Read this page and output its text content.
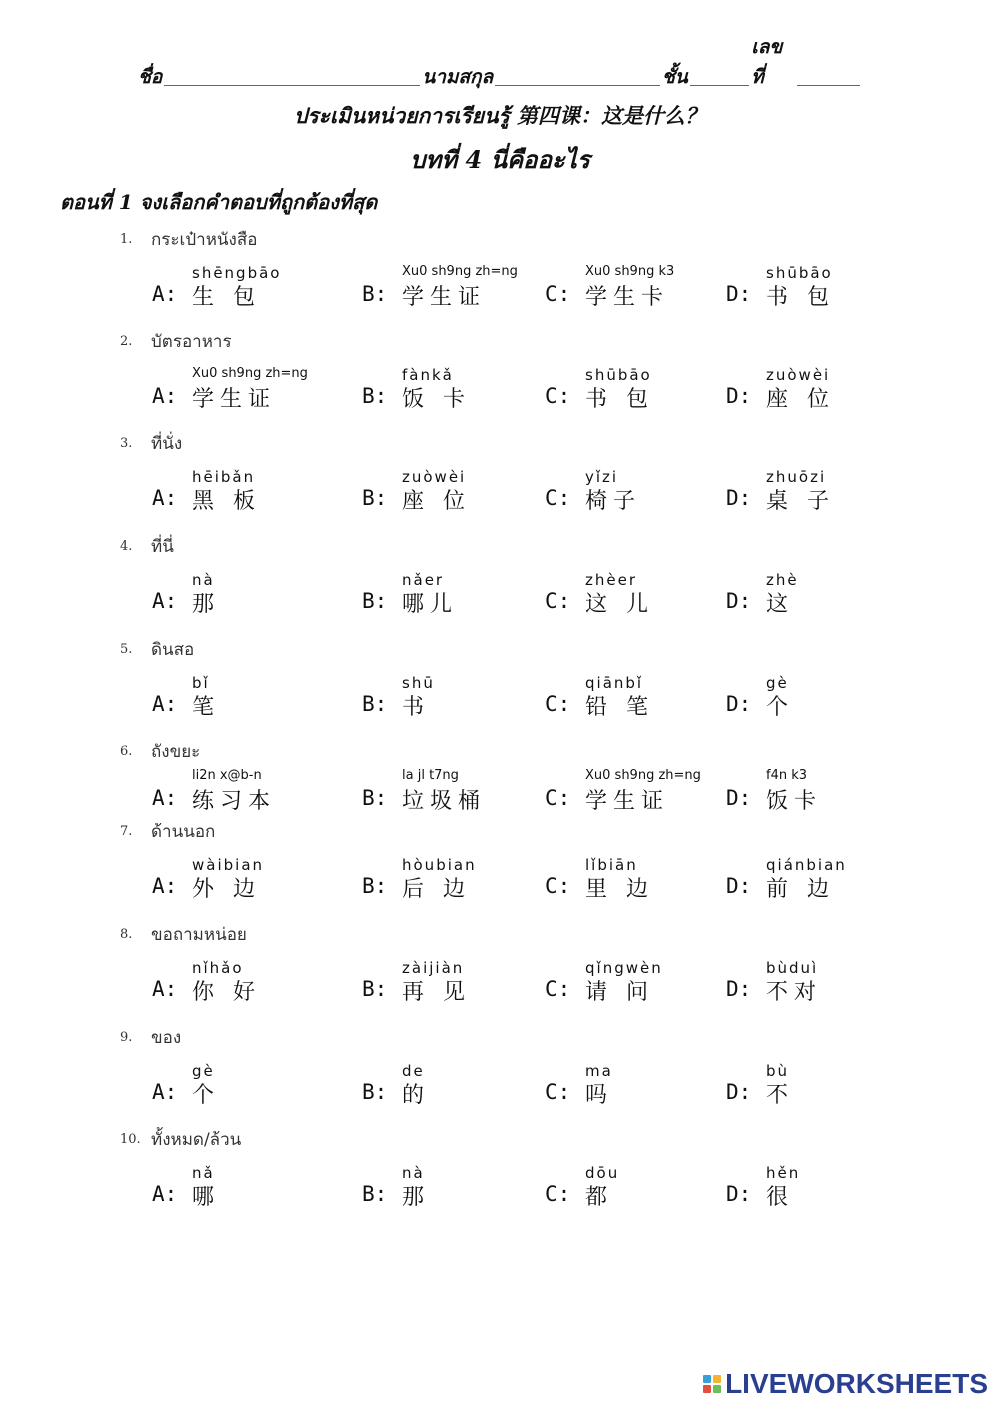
ชื่อ	นามสกุล	ชั้น
เลขที่
ประเมินหน่วยการเรียนรู้ 第四课：这是什么？
บทที่ 4 นี่คืออะไร
ตอนที่ 1 จงเลือกคำตอบที่ถูกต้องที่สุด
1. กระเป๋าหนังสือ
shēngbāo
A: 生 包
Xu0 sh9ng zh=ng
B: 学生证
Xu0 sh9ng k3
C: 学生卡
shūbāo
D: 书 包
2. บัตรอาหาร
Xu0 sh9ng zh=ng
A: 学生证
fànkǎ
B: 饭 卡
shūbāo
C: 书 包
zuòwèi
D: 座 位
3. ที่นั่ง
hēibǎn
A: 黑 板
zuòwèi
B: 座 位
yǐzi
C: 椅子
zhuōzi
D: 桌 子
4. ที่นี่
nà
A: 那
nǎer
B: 哪儿
zhèer
C: 这 儿
zhè
D: 这
5. ดินสอ
bǐ
A: 笔
shū
B: 书
qiānbǐ
C: 铅 笔
gè
D: 个
6. ถังขยะ
li2n x@b-n
A: 练习本
la jl t7ng
B: 垃圾桶
Xu0 sh9ng zh=ng
C: 学生证
f4n k3
D: 饭卡
7. ด้านนอก
wàibian
A: 外 边
hòubian
B: 后 边
lǐbiān
C: 里 边
qiánbian
D: 前 边
8. ขอถามหน่อย
nǐhǎo
A: 你 好
zàijiàn
B: 再 见
qǐngwèn
C: 请 问
bùduì
D: 不对
9. ของ
gè
A: 个
de
B: 的
ma
C: 吗
bù
D: 不
10. ทั้งหมด/ล้วน
nǎ
A: 哪
nà
B: 那
dōu
C: 都
hěn
D: 很
LIVEWORKSHEETS
